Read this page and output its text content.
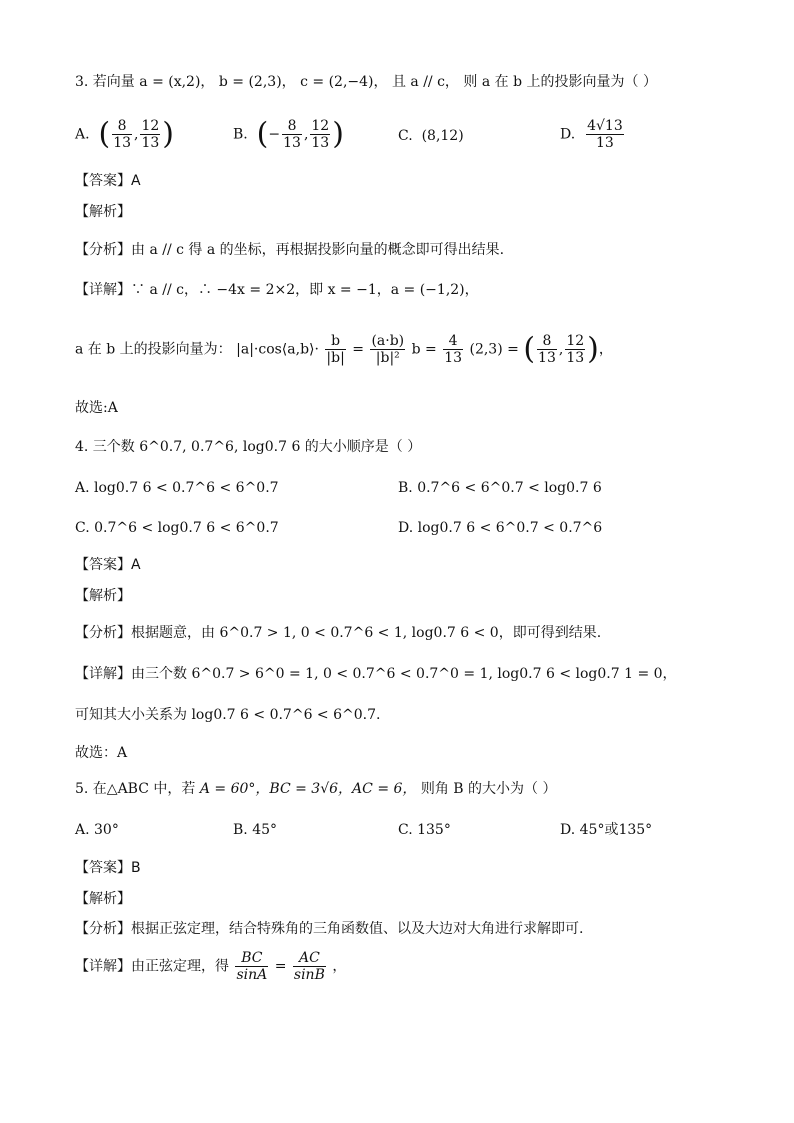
3. 若向量 a = (x,2)， b = (2,3)， c = (2,−4)， 且 a // c， 则 a 在 b 上的投影向量为（ ）
A. ( $\frac{8}{13}$ , $\frac{12}{13}$ )	B. (− $\frac{8}{13}$ , $\frac{12}{13}$ )	C. (8,12)	D. $\frac{4√13}{13}$
【答案】A
【解析】
【分析】由 a // c 得 a 的坐标，再根据投影向量的概念即可得出结果.
【详解】∵ a // c，∴ −4x = 2×2，即 x = −1，a = (−1,2)，
a 在 b 上的投影向量为： |a|·cos⟨a,b⟩· $\frac{b}{|b|} = \frac{(a\cdot b)}{\text{|b|²}}$ $b = \frac{4}{13} (2,3)$ = ( $\frac{8}{13}$ , $\frac{12}{13}$ )，
故选:A
4. 三个数 6^0.7, 0.7^6, log0.7 6 的大小顺序是（ ）
A. log0.7 6 < 0.7^6 < 6^0.7	B. 0.7^6 < 6^0.7 < log0.7 6
C. 0.7^6 < log0.7 6 < 6^0.7	D. log0.7 6 < 6^0.7 < 0.7^6
【答案】A
【解析】
【分析】根据题意，由 6^0.7 > 1, 0 < 0.7^6 < 1, log0.7 6 < 0，即可得到结果.
【详解】由三个数 6^0.7 > 6^0 = 1, 0 < 0.7^6 < 0.7^0 = 1, log0.7 6 < log0.7 1 = 0，
可知其大小关系为 log0.7 6 < 0.7^6 < 6^0.7.
故选：A
5. 在△ABC 中，若 A = 60°，BC = 3√6，AC = 6， 则角 B 的大小为（ ）
A. 30°	B. 45°	C. 135°	D. 45°或135°
【答案】B
【解析】
【分析】根据正弦定理，结合特殊角的三角函数值、以及大边对大角进行求解即可.
【详解】由正弦定理，得 $\frac{BC}{\sin A} = \frac{AC}{\sin B}$ ，
